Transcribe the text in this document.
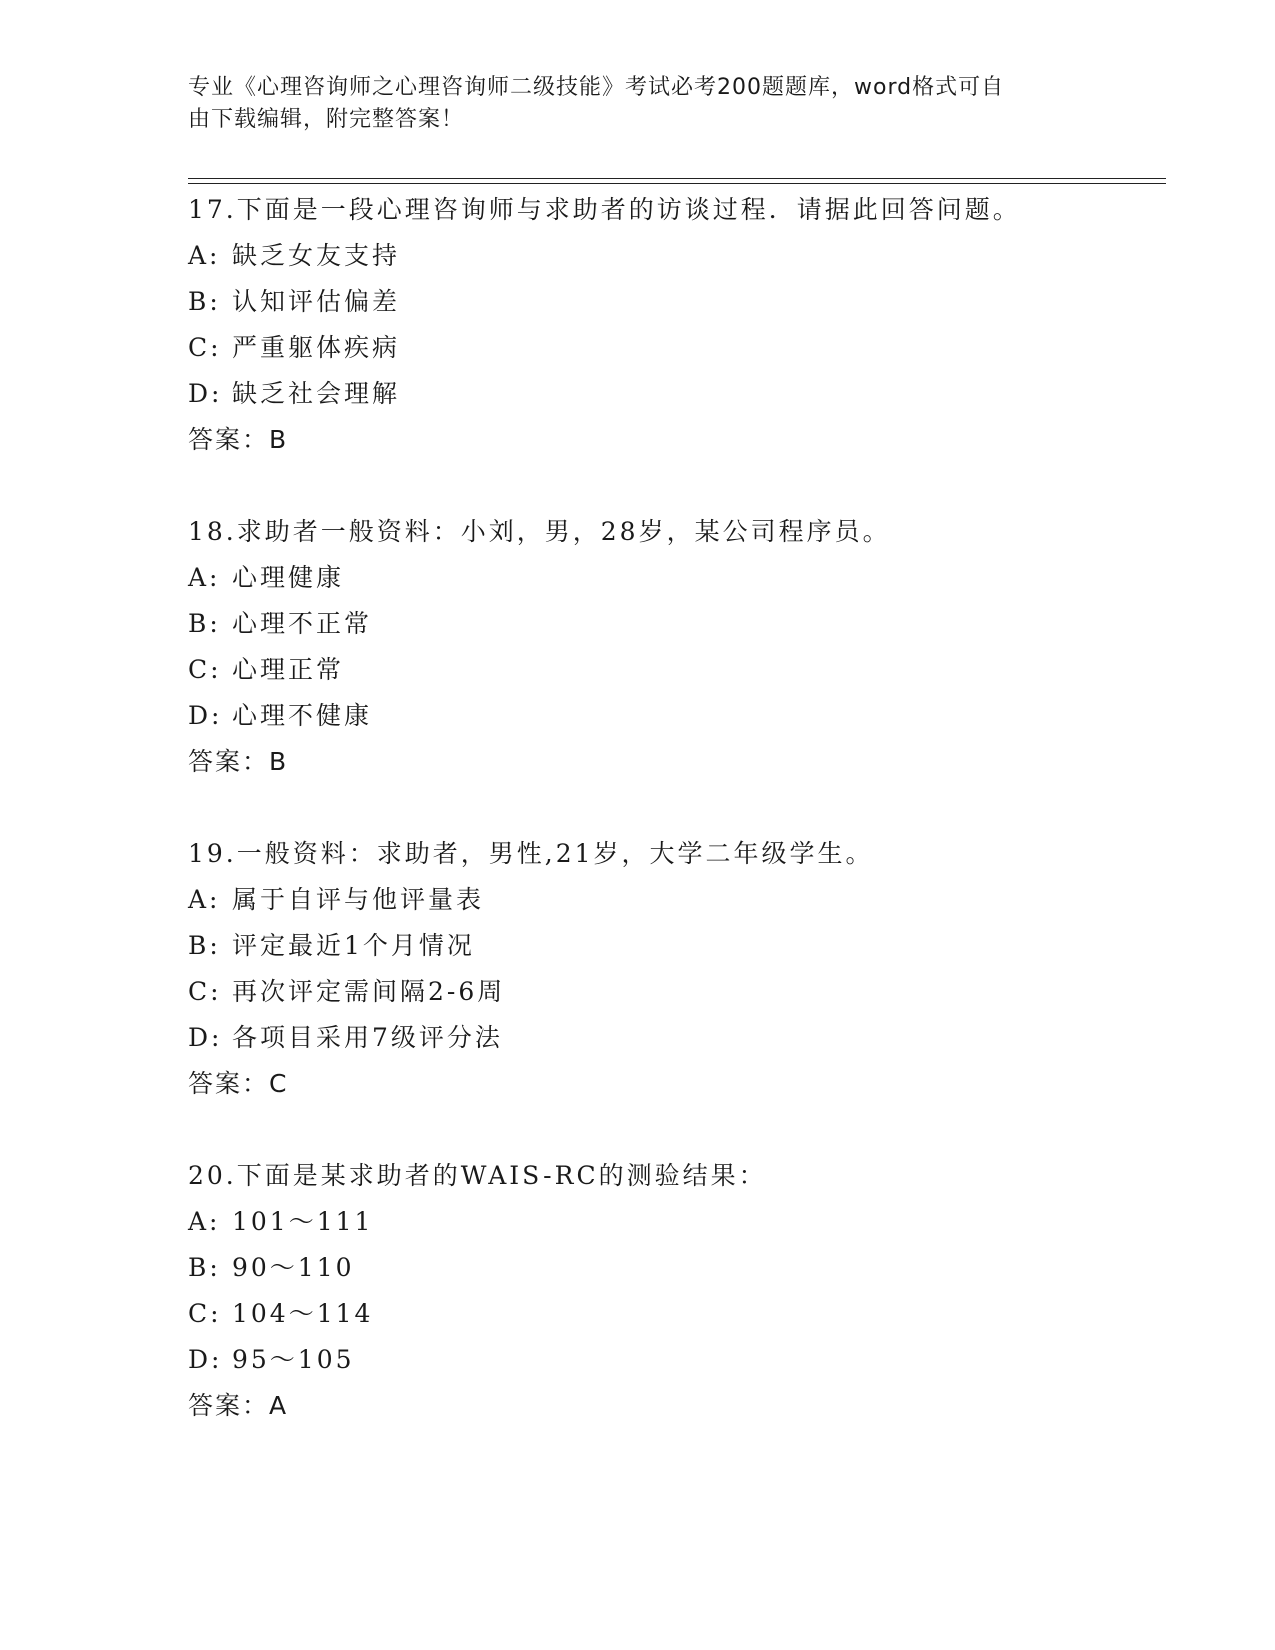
专业《心理咨询师之心理咨询师二级技能》考试必考200题题库，word格式可自
由下载编辑，附完整答案！
17.下面是一段心理咨询师与求助者的访谈过程．请据此回答问题。
A: 缺乏女友支持
B: 认知评估偏差
C: 严重躯体疾病
D: 缺乏社会理解
答案：B
18.求助者一般资料：小刘，男，28岁，某公司程序员。
A: 心理健康
B: 心理不正常
C: 心理正常
D: 心理不健康
答案：B
19.一般资料：求助者，男性,21岁，大学二年级学生。
A: 属于自评与他评量表
B: 评定最近1个月情况
C: 再次评定需间隔2-6周
D: 各项目采用7级评分法
答案：C
20.下面是某求助者的WAIS-RC的测验结果：
A: 101～111
B: 90～110
C: 104～114
D: 95～105
答案：A
